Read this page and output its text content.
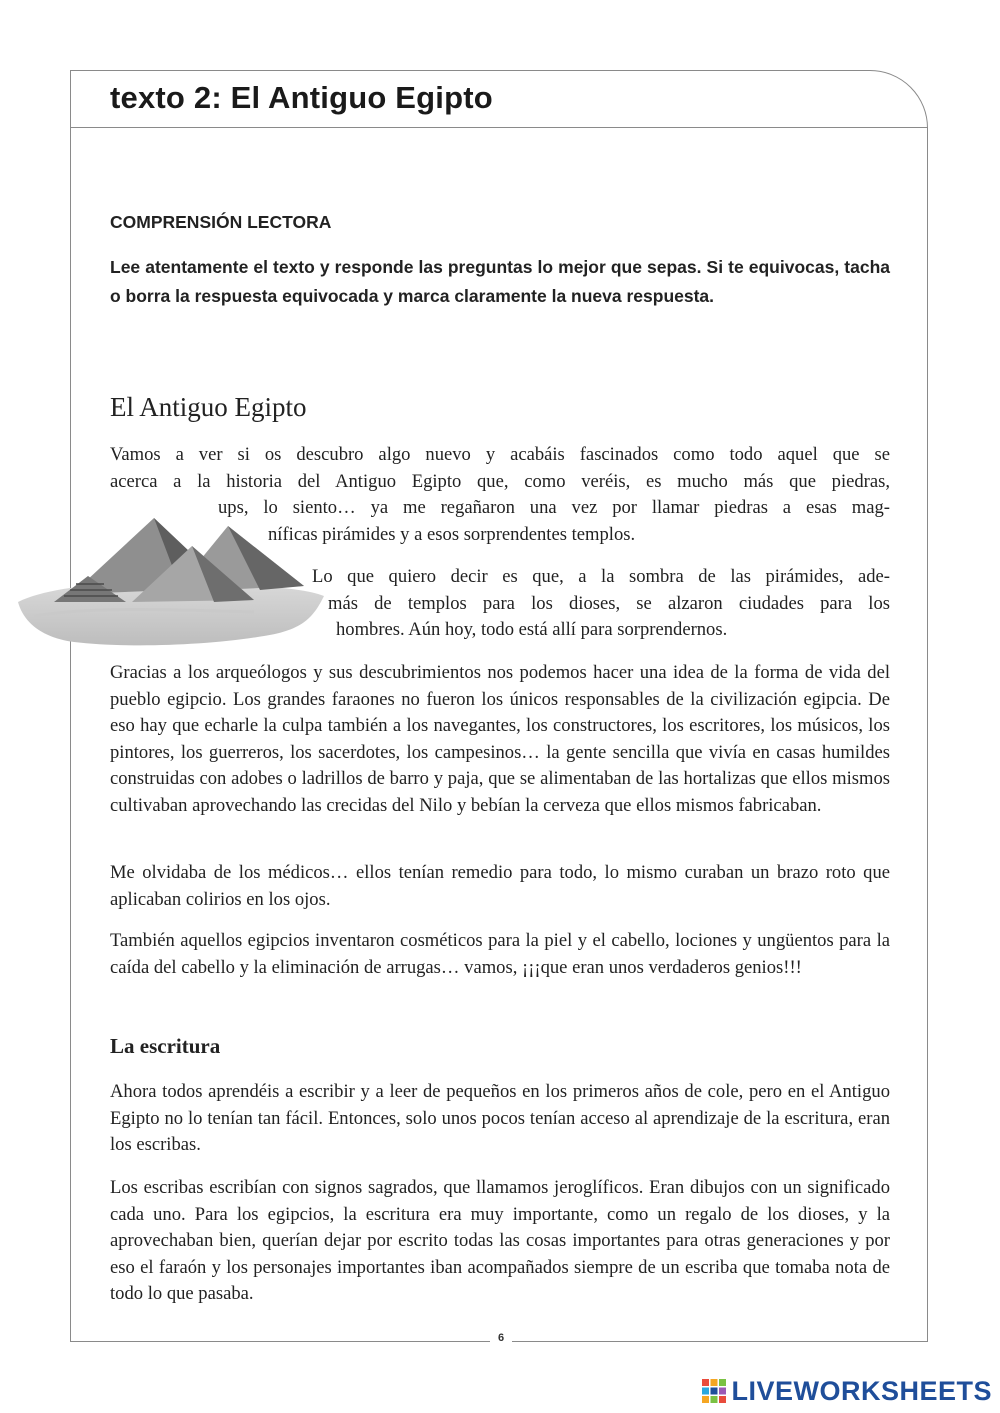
texto 2: El Antiguo Egipto

COMPRENSIÓN LECTORA

Lee atentamente el texto y responde las preguntas lo mejor que sepas. Si te equivocas, tacha o borra la respuesta equivocada y marca claramente la nueva respuesta.

El Antiguo Egipto

Vamos a ver si os descubro algo nuevo y acabáis fascinados como todo aquel que se
acerca a la historia del Antiguo Egipto que, como veréis, es mucho más que piedras,
ups, lo siento… ya me regañaron una vez por llamar piedras a esas mag-
níficas pirámides y a esos sorprendentes templos.

Lo que quiero decir es que, a la sombra de las pirámides, ade-
más de templos para los dioses, se alzaron ciudades para los
hombres. Aún hoy, todo está allí para sorprendernos.

Gracias a los arqueólogos y sus descubrimientos nos podemos hacer una idea de la forma de vida del pueblo egipcio. Los grandes faraones no fueron los únicos responsables de la civilización egipcia. De eso hay que echarle la culpa también a los navegantes, los constructores, los escritores, los músicos, los pintores, los guerreros, los sacerdotes, los campesinos… la gente sencilla que vivía en casas humildes construidas con adobes o ladrillos de barro y paja, que se alimentaban de las hortalizas que ellos mismos cultivaban aprovechando las crecidas del Nilo y bebían la cerveza que ellos mismos fabricaban.

Me olvidaba de los médicos… ellos tenían remedio para todo, lo mismo curaban un brazo roto que aplicaban colirios en los ojos.

También aquellos egipcios inventaron cosméticos para la piel y el cabello, lociones y ungüentos para la caída del cabello y la eliminación de arrugas… vamos, ¡¡¡que eran unos verdaderos genios!!!

La escritura

Ahora todos aprendéis a escribir y a leer de pequeños en los primeros años de cole, pero en el Antiguo Egipto no lo tenían tan fácil. Entonces, solo unos pocos tenían acceso al aprendizaje de la escritura, eran los escribas.

Los escribas escribían con signos sagrados, que llamamos jeroglíficos. Eran dibujos con un significado cada uno. Para los egipcios, la escritura era muy importante, como un regalo de los dioses, y la aprovechaban bien, querían dejar por escrito todas las cosas importantes para otras generaciones y por eso el faraón y los personajes importantes iban acompañados siempre de un escriba que tomaba nota de todo lo que pasaba.

6
LIVEWORKSHEETS
